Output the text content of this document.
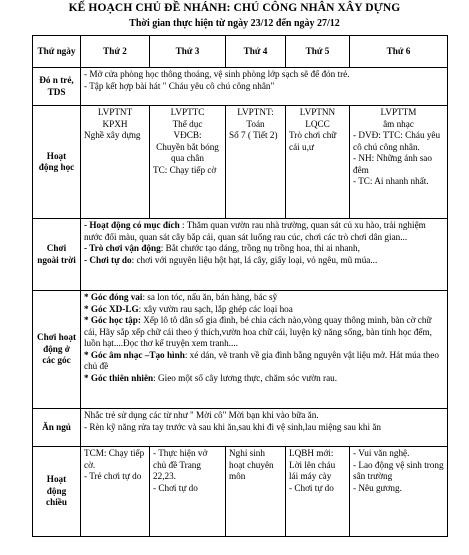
KẾ HOẠCH CHỦ ĐỀ NHÁNH: CHÚ CÔNG NHÂN XÂY DỰNG
Thời gian thực hiện từ ngày 23/12 đến ngày 27/12
Thứ ngày	Thứ 2	Thứ 3	Thứ 4	Thứ 5	Thứ 6
Đó n trẻ, TDS	- Mở cửa phòng học thông thoáng, vệ sinh phòng lớp sạch sẽ để đón trẻ.
- Tập kết hợp bài hát " Cháu yêu cô chú công nhân"				

Hoạt động học	LVPTNT
KPXH
Nghề xây dựng	LVPTTC
Thể dục
VĐCB:
Chuyền bắt bóng qua chân
TC: Chạy tiếp cờ	LVPTNT:
Toán
Số 7 ( Tiết 2)	LVPTNN
LQCC
Trò chơi chữ cái u,ư	LVPTTM
âm nhạc
- DVĐ: TTC: Cháu yêu cô chú công nhân.
- NH: Những ánh sao đêm
- TC: Ai nhanh nhất.

Chơi ngoài trời	- Hoạt động có mục đích : Thăm quan vườn rau nhà trường, quan sát củ xu hào, trải nghiệm nước đổi màu, quan sát cây bắp cải, quan sát luống rau cúc, chơi các trò chơi dân gian...
- Trò chơi vận động: Bắt chước tạo dáng, trồng nụ trồng hoa, thi ai nhanh,
- Chơi tự do: chơi với nguyên liệu hột hạt, lá cây, giấy loại, vỏ ngêu, mũ múa...				

Chơi hoạt động ở các góc	* Góc đóng vai: sa lon tóc, nấu ăn, bán hàng, bác sỹ
* Góc XD-LG: xây vườn rau sạch, lắp ghép các loại hoa
* Góc học tập: Xếp lô tô dân số gia đình, bé chia cách nào,vòng quay thông minh, bàn cờ chữ cái, Hãy sắp xếp chữ cái theo ý thích,vườn hoa chữ cái, luyện kỹ năng sống, bàn tính học đếm, luồn hạt....Đọc thơ kể truyện xem tranh....
* Góc âm nhạc –Tạo hình: xé dán, vẽ tranh về gia đình bằng nguyên vật liệu mở. Hát múa theo chủ đề
* Góc thiên nhiên: Gieo một số cây lương thực, chăm sóc vườn rau.				

Ăn ngủ	Nhắc trẻ sử dụng các từ như " Mời cô" Mời bạn khi vào bữa ăn.
- Rèn kỹ năng rửa tay trước và sau khi ăn,sau khi đi vệ sinh,lau miệng sau khi ăn				

Hoạt động chiều	TCM: Chạy tiếp cờ.
- Trẻ chơi tự do	- Thực hiện vở chủ đề Trang 22,23.
- Chơi tự do	Nghỉ sinh hoạt chuyên môn	LQBH mới: Lời lên cháu lái máy cày
- Chơi tự do	- Vui văn nghệ.
- Lao động vệ sinh trong sân trường
- Nêu gương.
